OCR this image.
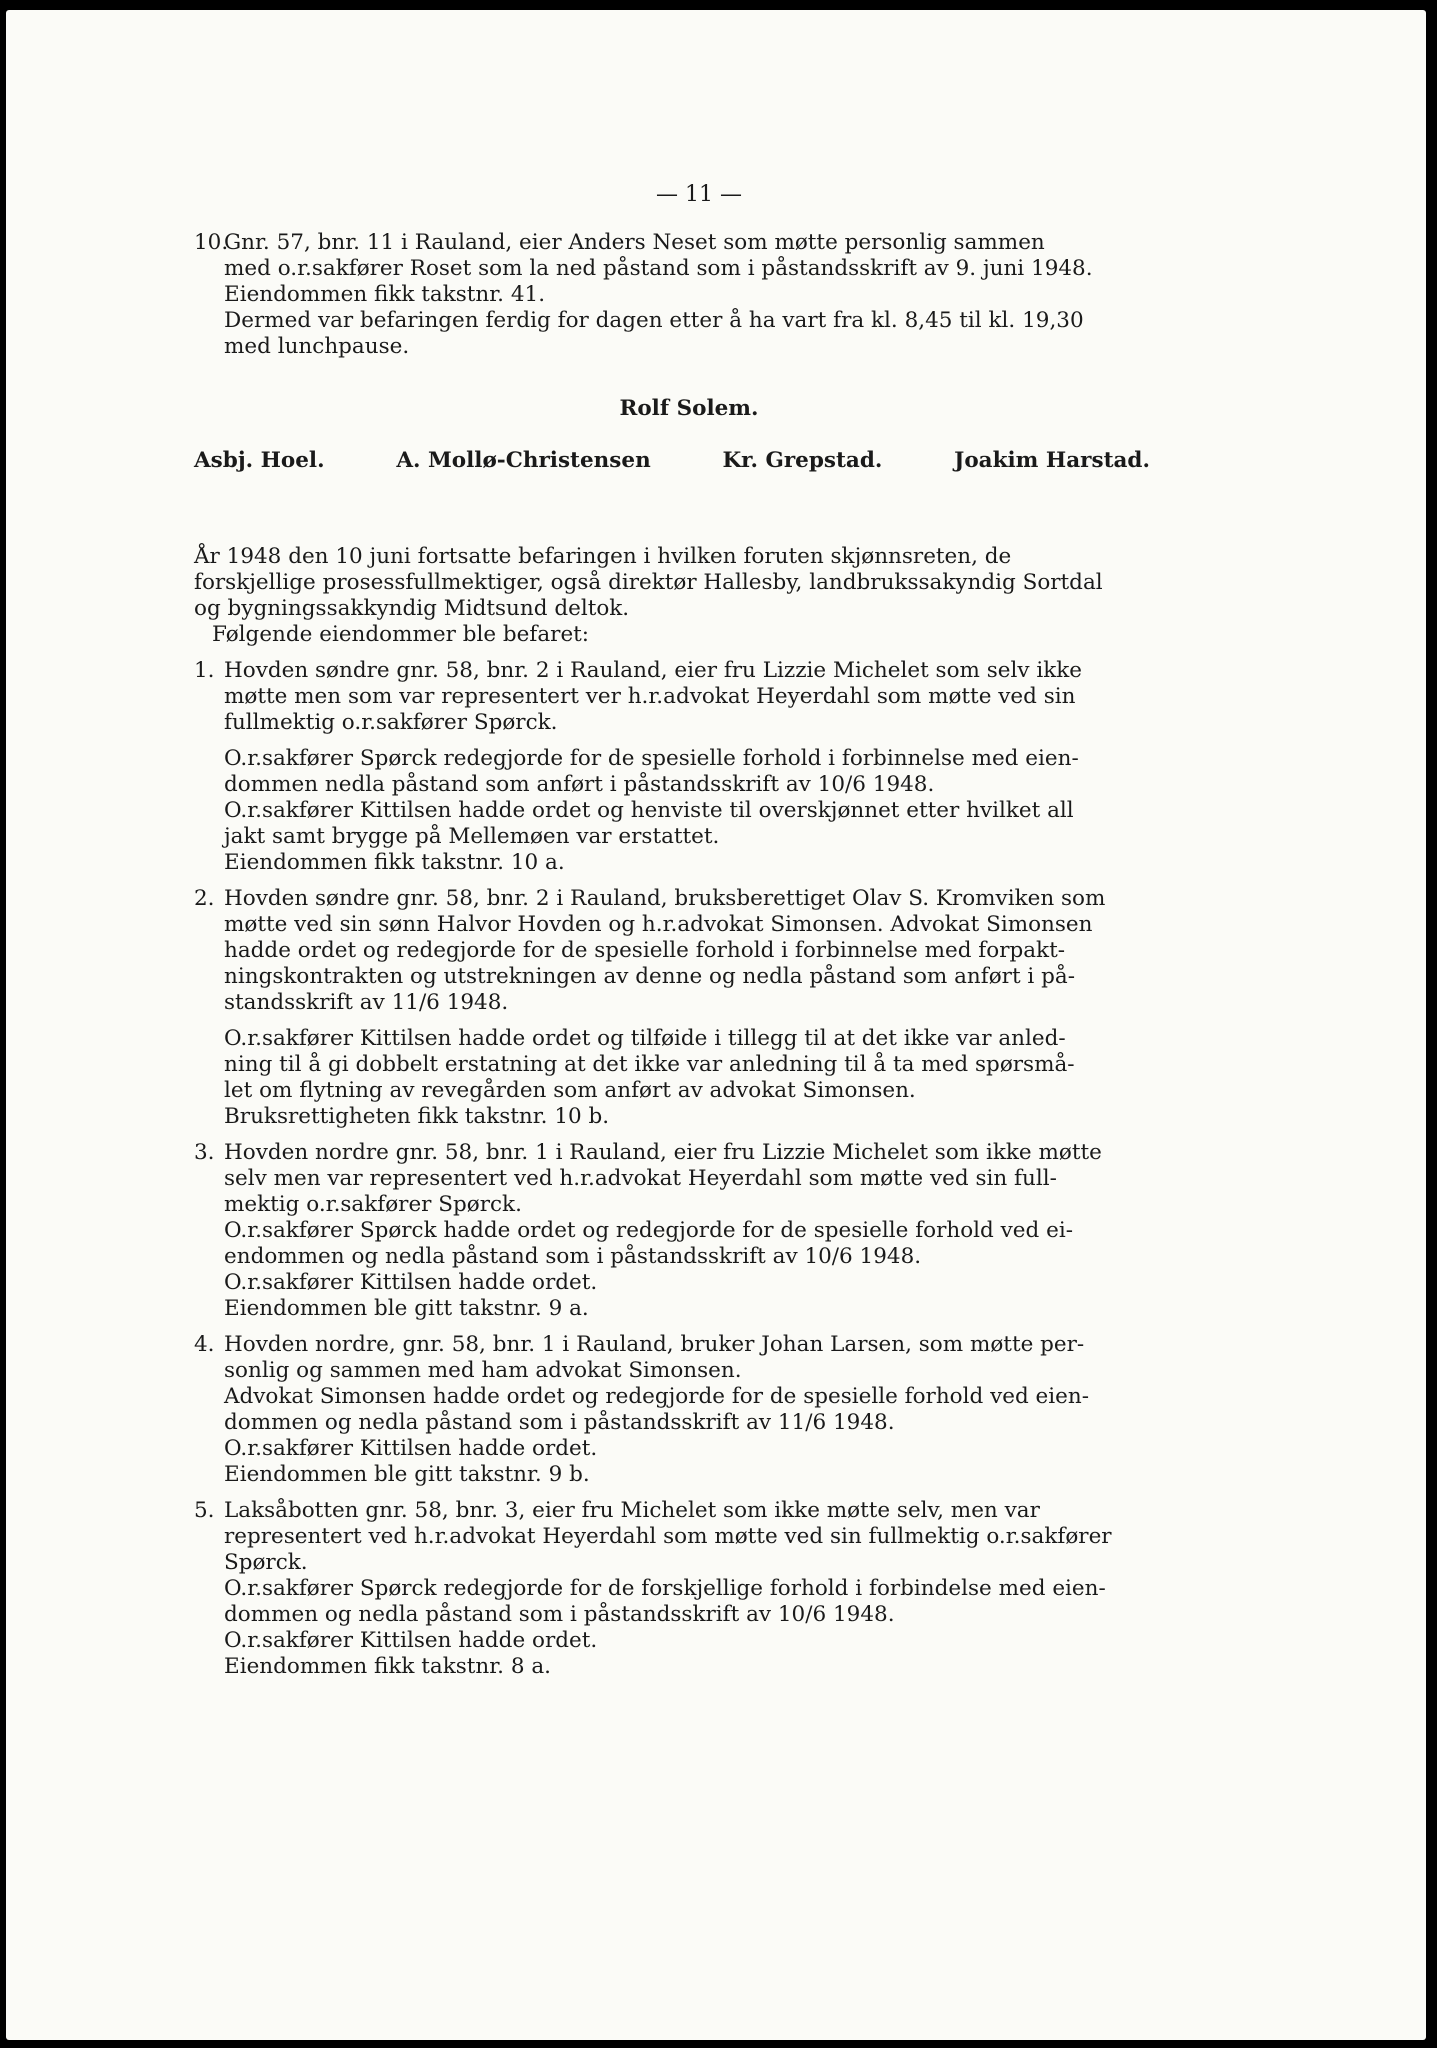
— 11 —
10.
Gnr. 57, bnr. 11 i Rauland, eier Anders Neset som møtte personlig sammen
med o.r.sakfører Roset som la ned påstand som i påstandsskrift av 9. juni 1948.
Eiendommen fikk takstnr. 41.
Dermed var befaringen ferdig for dagen etter å ha vart fra kl. 8,45 til kl. 19,30
med lunchpause.
Rolf Solem.
Asbj. Hoel.	A. Mollø-Christensen	Kr. Grepstad.	Joakim Harstad.
År 1948 den 10 juni fortsatte befaringen i hvilken foruten skjønnsreten, de
forskjellige prosessfullmektiger, også direktør Hallesby, landbrukssakyndig Sortdal
og bygningssakkyndig Midtsund deltok.
Følgende eiendommer ble befaret:
1. Hovden søndre gnr. 58, bnr. 2 i Rauland, eier fru Lizzie Michelet som selv ikke
møtte men som var representert ver h.r.advokat Heyerdahl som møtte ved sin
fullmektig o.r.sakfører Spørck.
O.r.sakfører Spørck redegjorde for de spesielle forhold i forbinnelse med eien-
dommen nedla påstand som anført i påstandsskrift av 10/6 1948.
O.r.sakfører Kittilsen hadde ordet og henviste til overskjønnet etter hvilket all
jakt samt brygge på Mellemøen var erstattet.
Eiendommen fikk takstnr. 10 a.
2. Hovden søndre gnr. 58, bnr. 2 i Rauland, bruksberettiget Olav S. Kromviken som
møtte ved sin sønn Halvor Hovden og h.r.advokat Simonsen. Advokat Simonsen
hadde ordet og redegjorde for de spesielle forhold i forbinnelse med forpakt-
ningskontrakten og utstrekningen av denne og nedla påstand som anført i på-
standsskrift av 11/6 1948.
O.r.sakfører Kittilsen hadde ordet og tilføide i tillegg til at det ikke var anled-
ning til å gi dobbelt erstatning at det ikke var anledning til å ta med spørsmå-
let om flytning av revegården som anført av advokat Simonsen.
Bruksrettigheten fikk takstnr. 10 b.
3. Hovden nordre gnr. 58, bnr. 1 i Rauland, eier fru Lizzie Michelet som ikke møtte
selv men var representert ved h.r.advokat Heyerdahl som møtte ved sin full-
mektig o.r.sakfører Spørck.
O.r.sakfører Spørck hadde ordet og redegjorde for de spesielle forhold ved ei-
endommen og nedla påstand som i påstandsskrift av 10/6 1948.
O.r.sakfører Kittilsen hadde ordet.
Eiendommen ble gitt takstnr. 9 a.
4. Hovden nordre, gnr. 58, bnr. 1 i Rauland, bruker Johan Larsen, som møtte per-
sonlig og sammen med ham advokat Simonsen.
Advokat Simonsen hadde ordet og redegjorde for de spesielle forhold ved eien-
dommen og nedla påstand som i påstandsskrift av 11/6 1948.
O.r.sakfører Kittilsen hadde ordet.
Eiendommen ble gitt takstnr. 9 b.
5. Laksåbotten gnr. 58, bnr. 3, eier fru Michelet som ikke møtte selv, men var
representert ved h.r.advokat Heyerdahl som møtte ved sin fullmektig o.r.sakfører
Spørck.
O.r.sakfører Spørck redegjorde for de forskjellige forhold i forbindelse med eien-
dommen og nedla påstand som i påstandsskrift av 10/6 1948.
O.r.sakfører Kittilsen hadde ordet.
Eiendommen fikk takstnr. 8 a.
